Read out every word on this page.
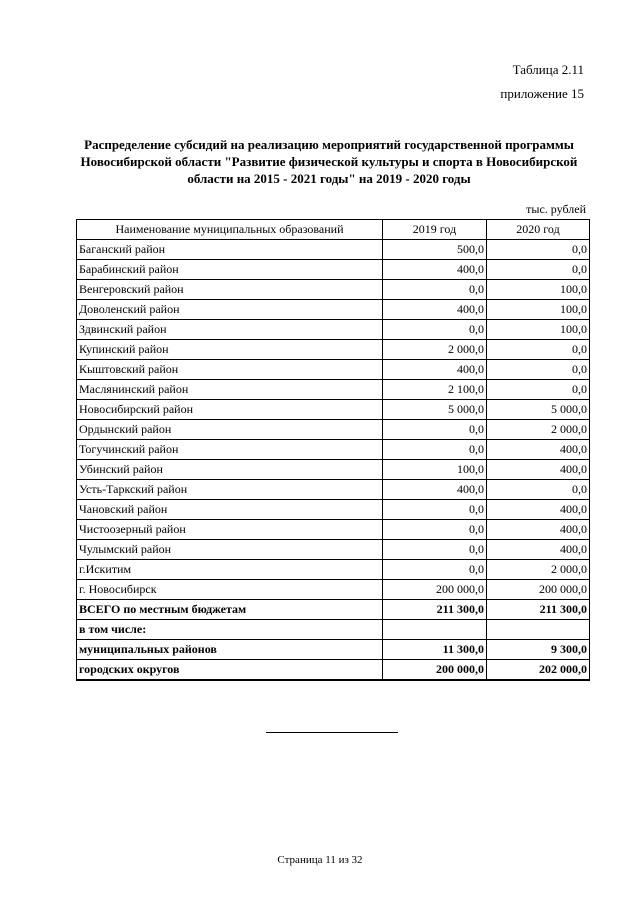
Таблица 2.11
приложение 15
Распределение субсидий на реализацию мероприятий государственной программы Новосибирской области "Развитие физической культуры и спорта в Новосибирской области на 2015 - 2021 годы" на 2019 - 2020 годы
тыс. рублей
Наименование муниципальных образований	2019 год	2020 год
Баганский район	500,0	0,0
Барабинский район	400,0	0,0
Венгеровский район	0,0	100,0
Доволенский район	400,0	100,0
Здвинский район	0,0	100,0
Купинский район	2 000,0	0,0
Кыштовский район	400,0	0,0
Маслянинский район	2 100,0	0,0
Новосибирский район	5 000,0	5 000,0
Ордынский район	0,0	2 000,0
Тогучинский район	0,0	400,0
Убинский район	100,0	400,0
Усть-Таркский район	400,0	0,0
Чановский район	0,0	400,0
Чистоозерный район	0,0	400,0
Чулымский район	0,0	400,0
г.Искитим	0,0	2 000,0
г. Новосибирск	200 000,0	200 000,0
ВСЕГО по местным бюджетам	211 300,0	211 300,0
в том числе:		
муниципальных районов	11 300,0	9 300,0
городских округов	200 000,0	202 000,0
Страница 11 из 32
